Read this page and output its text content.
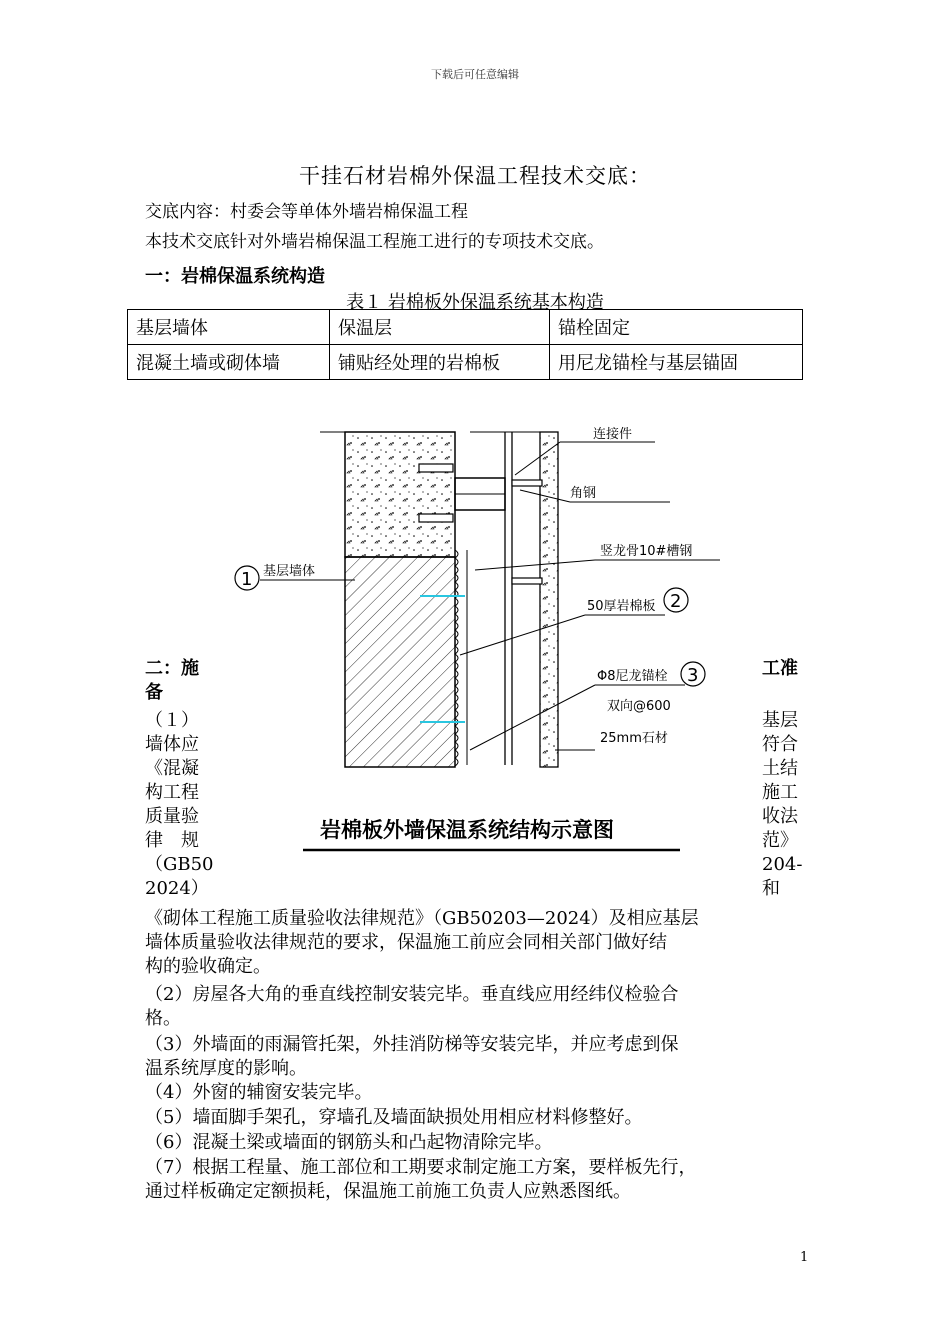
下载后可任意编辑
干挂石材岩棉外保温工程技术交底：
交底内容：村委会等单体外墙岩棉保温工程
本技术交底针对外墙岩棉保温工程施工进行的专项技术交底。
一：岩棉保温系统构造
表１ 岩棉板外保温系统基本构造
基层墙体	保温层	锚栓固定
混凝土墙或砌体墙	铺贴经处理的岩棉板	用尼龙锚栓与基层锚固
连接件
角钢
竖龙骨10#槽钢
基层墙体
50厚岩棉板
Φ8尼龙锚栓
双向@600
25mm石材
1
2
3
岩棉板外墙保温系统结构示意图
二：施
备
工准
（１）
墙体应
《混凝
构工程
质量验
律　规
（GB50
2024）
基层
符合
土结
施工
收法
范》
204-
和
《砌体工程施工质量验收法律规范》（GB50203—2024）及相应基层
墙体质量验收法律规范的要求，保温施工前应会同相关部门做好结
构的验收确定。
（2）房屋各大角的垂直线控制安装完毕。垂直线应用经纬仪检验合
格。
（3）外墙面的雨漏管托架，外挂消防梯等安装完毕，并应考虑到保
温系统厚度的影响。
（4）外窗的辅窗安装完毕。
（5）墙面脚手架孔，穿墙孔及墙面缺损处用相应材料修整好。
（6）混凝土梁或墙面的钢筋头和凸起物清除完毕。
（7）根据工程量、施工部位和工期要求制定施工方案，要样板先行，
通过样板确定定额损耗，保温施工前施工负责人应熟悉图纸。
1
